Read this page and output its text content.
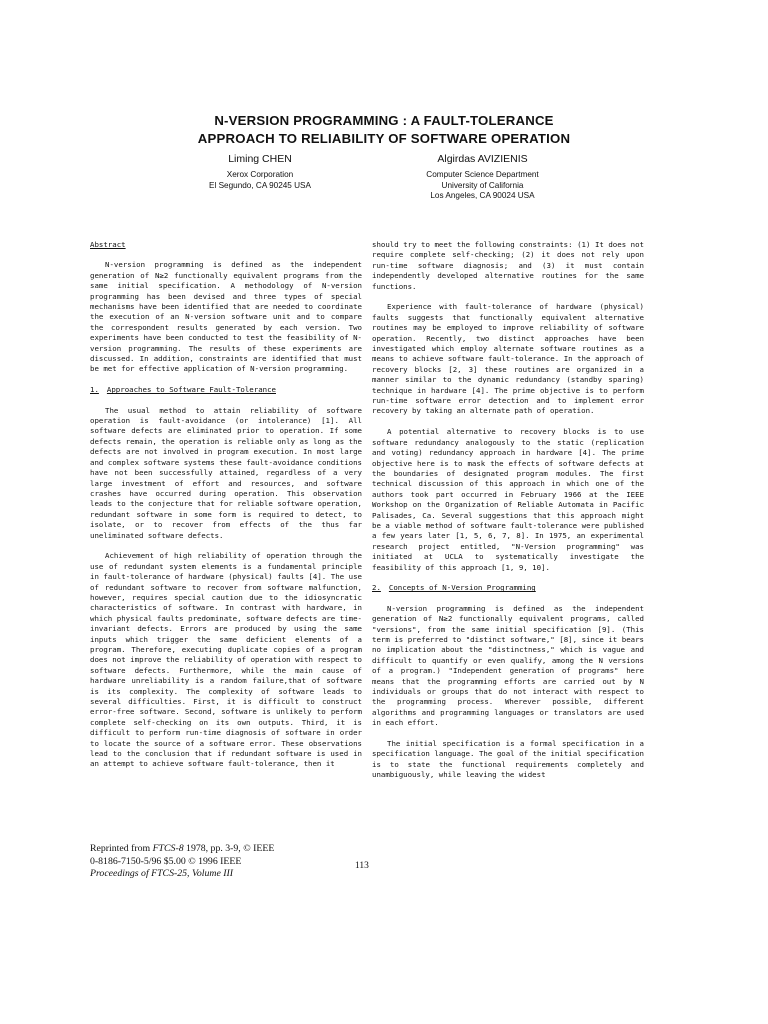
N-VERSION PROGRAMMING : A FAULT-TOLERANCE
APPROACH TO RELIABILITY OF SOFTWARE OPERATION
Liming CHEN
Xerox Corporation
El Segundo, CA 90245 USA
Algirdas AVIZIENIS
Computer Science Department
University of California
Los Angeles, CA 90024 USA
Abstract

N-version programming is defined as the independent generation of N≥2 functionally equivalent programs from the same initial specification. A methodology of N-version programming has been devised and three types of special mechanisms have been identified that are needed to coordinate the execution of an N-version software unit and to compare the correspondent results generated by each version. Two experiments have been conducted to test the feasibility of N-version programming. The results of these experiments are discussed. In addition, constraints are identified that must be met for effective application of N-version programming.

1. Approaches to Software Fault-Tolerance

The usual method to attain reliability of software operation is fault-avoidance (or intolerance) [1]. All software defects are eliminated prior to operation. If some defects remain, the operation is reliable only as long as the defects are not involved in program execution. In most large and complex software systems these fault-avoidance conditions have not been successfully attained, regardless of a very large investment of effort and resources, and software crashes have occurred during operation. This observation leads to the conjecture that for reliable software operation, redundant software in some form is required to detect, to isolate, or to recover from effects of the thus far uneliminated software defects.

Achievement of high reliability of operation through the use of redundant system elements is a fundamental principle in fault-tolerance of hardware (physical) faults [4]. The use of redundant software to recover from software malfunction, however, requires special caution due to the idiosyncratic characteristics of software. In contrast with hardware, in which physical faults predominate, software defects are time-invariant defects. Errors are produced by using the same inputs which trigger the same deficient elements of a program. Therefore, executing duplicate copies of a program does not improve the reliability of operation with respect to software defects. Furthermore, while the main cause of hardware unreliability is a random failure,that of software is its complexity. The complexity of software leads to several difficulties. First, it is difficult to construct error-free software. Second, software is unlikely to perform complete self-checking on its own outputs. Third, it is difficult to perform run-time diagnosis of software in order to locate the source of a software error. These observations lead to the conclusion that if redundant software is used in an attempt to achieve software fault-tolerance, then it

should try to meet the following constraints: (1) It does not require complete self-checking; (2) it does not rely upon run-time software diagnosis; and (3) it must contain independently developed alternative routines for the same functions.

Experience with fault-tolerance of hardware (physical) faults suggests that functionally equivalent alternative routines may be employed to improve reliability of software operation. Recently, two distinct approaches have been investigated which employ alternate software routines as a means to achieve software fault-tolerance. In the approach of recovery blocks [2, 3] these routines are organized in a manner similar to the dynamic redundancy (standby sparing) technique in hardware [4]. The prime objective is to perform run-time software error detection and to implement error recovery by taking an alternate path of operation.

A potential alternative to recovery blocks is to use software redundancy analogously to the static (replication and voting) redundancy approach in hardware [4]. The prime objective here is to mask the effects of software defects at the boundaries of designated program modules. The first technical discussion of this approach in which one of the authors took part occurred in February 1966 at the IEEE Workshop on the Organization of Reliable Automata in Pacific Palisades, Ca. Several suggestions that this approach might be a viable method of software fault-tolerance were published a few years later [1, 5, 6, 7, 8]. In 1975, an experimental research project entitled, "N-Version programming" was initiated at UCLA to systematically investigate the feasibility of this approach [1, 9, 10].

2. Concepts of N-Version Programming

N-version programming is defined as the independent generation of N≥2 functionally equivalent programs, called "versions", from the same initial specification [9]. (This term is preferred to "distinct software," [8], since it bears no implication about the "distinctness," which is vague and difficult to quantify or even qualify, among the N versions of a program.) "Independent generation of programs" here means that the programming efforts are carried out by N individuals or groups that do not interact with respect to the programming process. Wherever possible, different algorithms and programming languages or translators are used in each effort.

The initial specification is a formal specification in a specification language. The goal of the initial specification is to state the functional requirements completely and unambiguously, while leaving the widest

Reprinted from FTCS-8 1978, pp. 3-9, © IEEE
0-8186-7150-5/96 $5.00 © 1996 IEEE
Proceedings of FTCS-25, Volume III
113
